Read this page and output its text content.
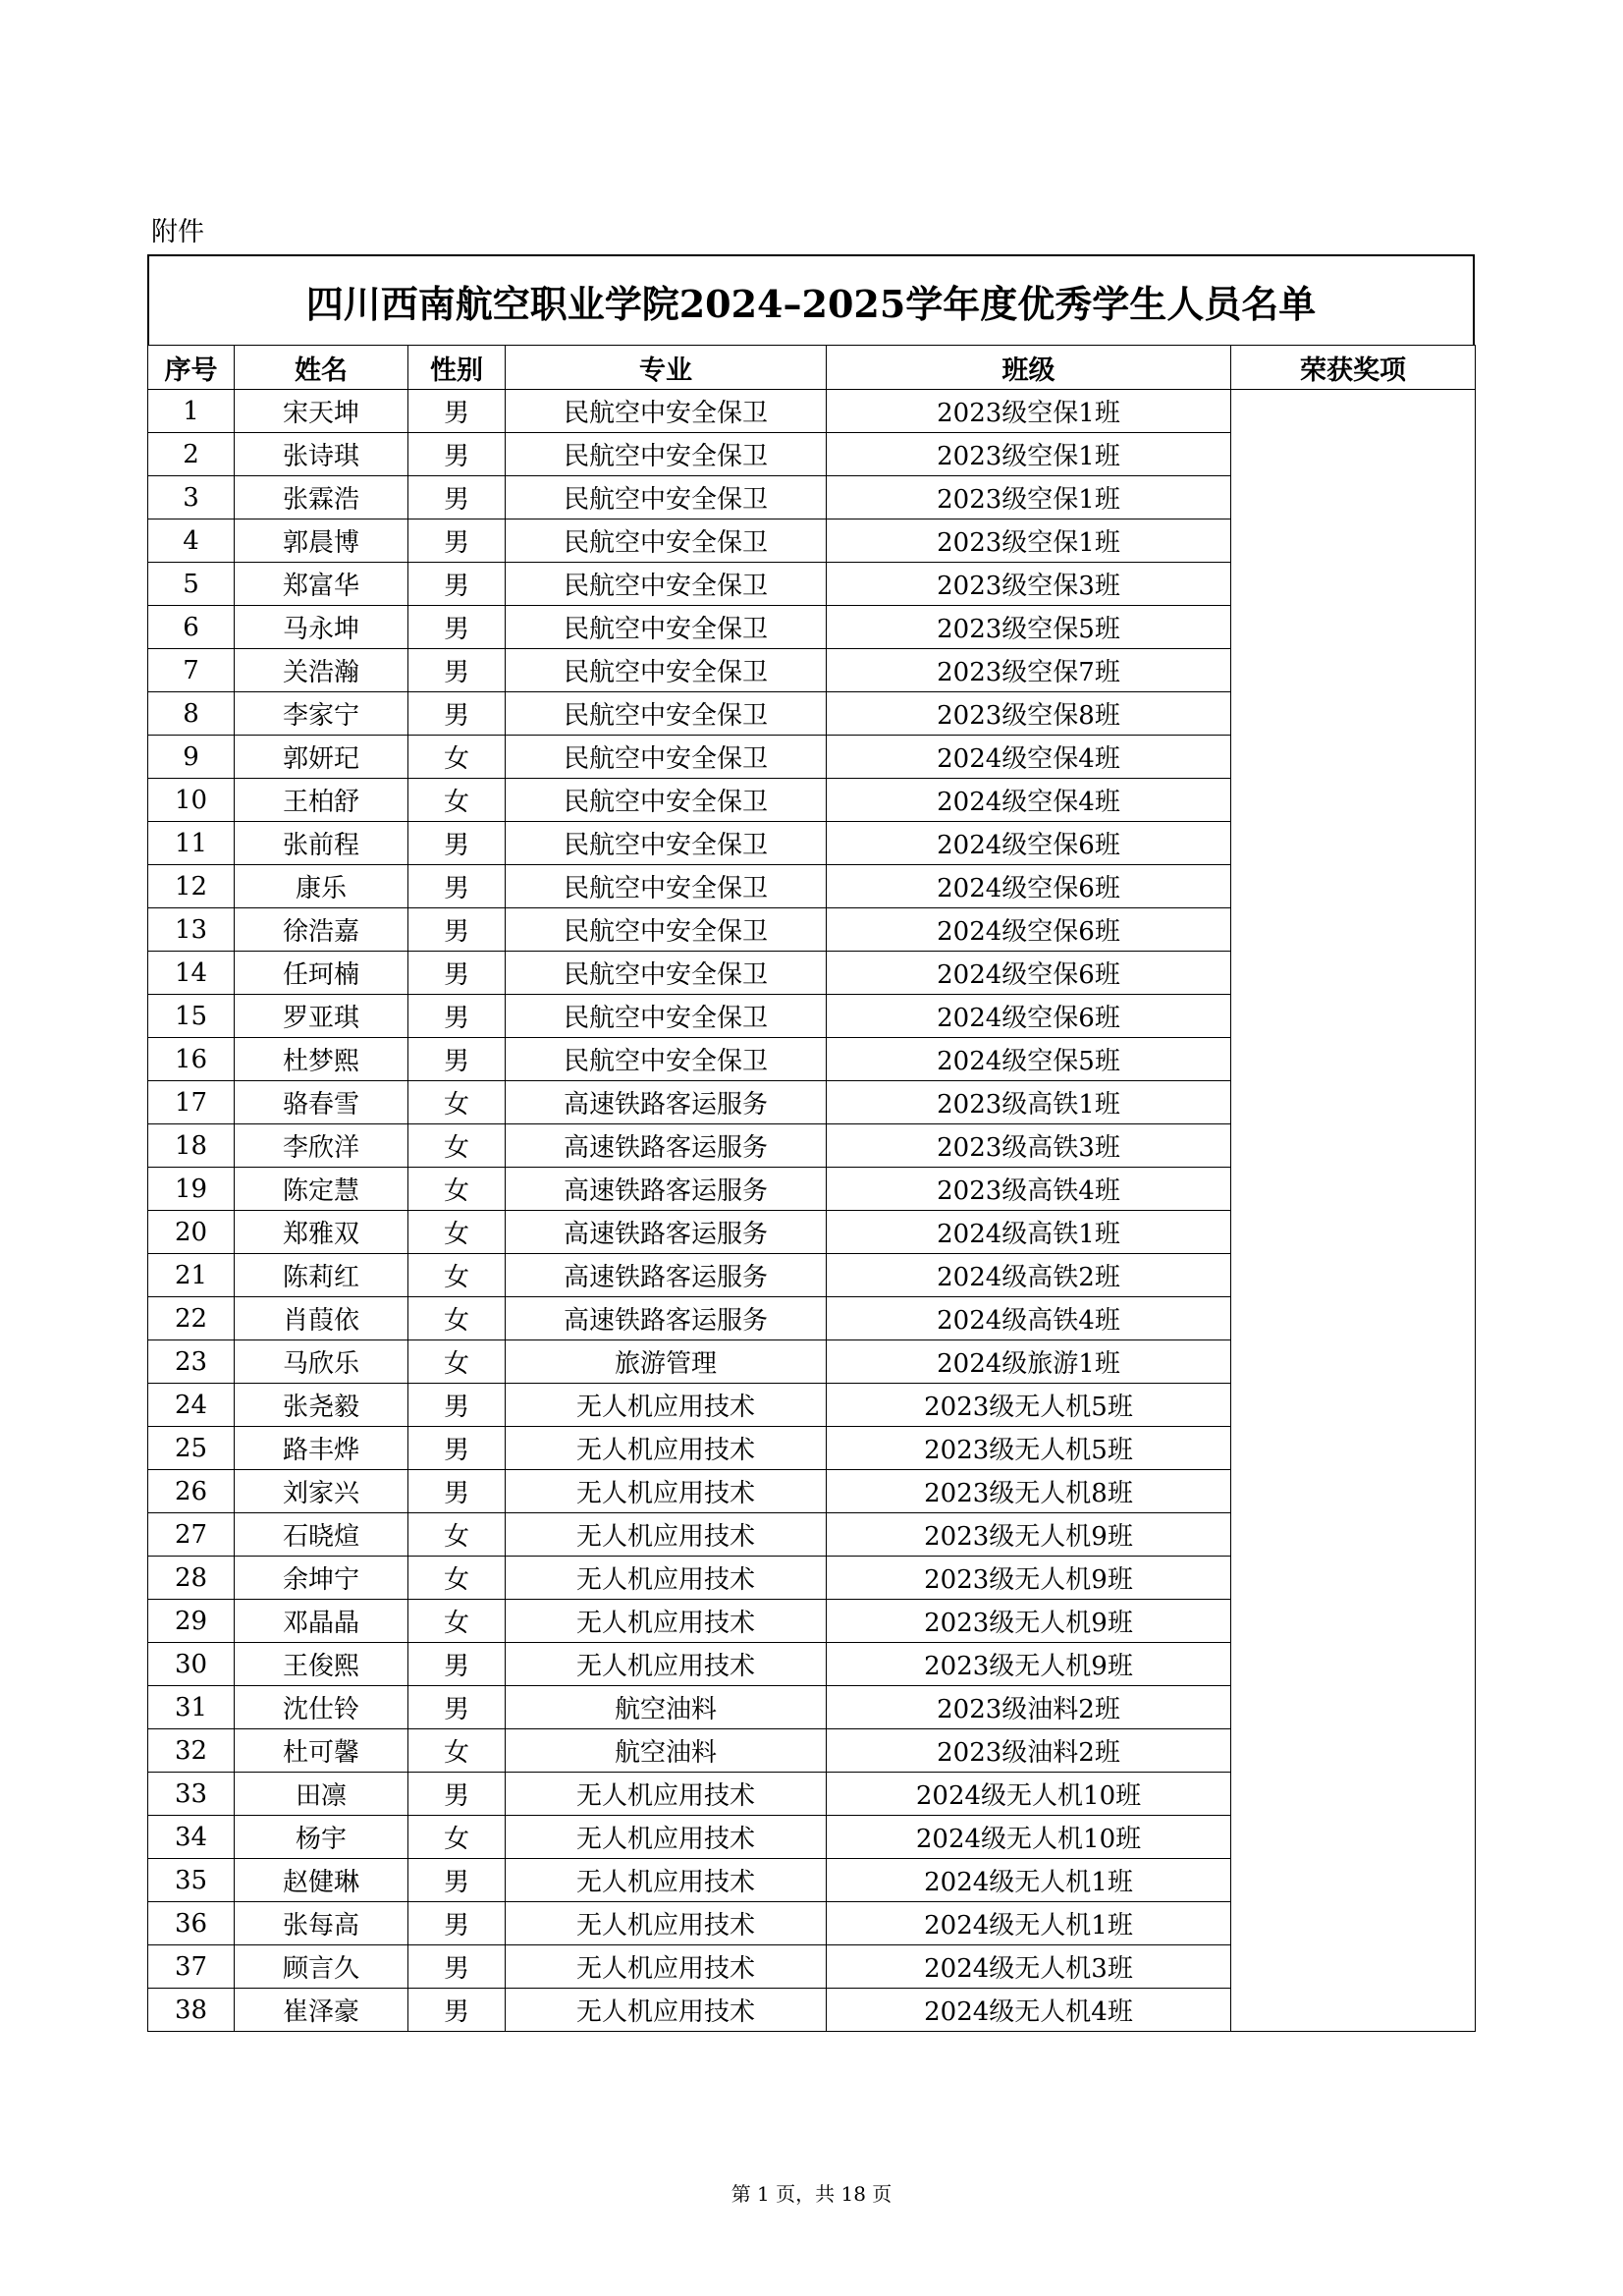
附件
四川西南航空职业学院2024–2025学年度优秀学生人员名单
序号	姓名	性别	专业	班级	荣获奖项
1	宋天坤	男	民航空中安全保卫	2023级空保1班	
2	张诗琪	男	民航空中安全保卫	2023级空保1班	
3	张霖浩	男	民航空中安全保卫	2023级空保1班	
4	郭晨博	男	民航空中安全保卫	2023级空保1班	
5	郑富华	男	民航空中安全保卫	2023级空保3班	
6	马永坤	男	民航空中安全保卫	2023级空保5班	
7	关浩瀚	男	民航空中安全保卫	2023级空保7班	
8	李家宁	男	民航空中安全保卫	2023级空保8班	
9	郭妍玘	女	民航空中安全保卫	2024级空保4班	
10	王柏舒	女	民航空中安全保卫	2024级空保4班	
11	张前程	男	民航空中安全保卫	2024级空保6班	
12	康乐	男	民航空中安全保卫	2024级空保6班	
13	徐浩嘉	男	民航空中安全保卫	2024级空保6班	
14	任珂楠	男	民航空中安全保卫	2024级空保6班	
15	罗亚琪	男	民航空中安全保卫	2024级空保6班	
16	杜梦熙	男	民航空中安全保卫	2024级空保5班	
17	骆春雪	女	高速铁路客运服务	2023级高铁1班	
18	李欣洋	女	高速铁路客运服务	2023级高铁3班	
19	陈定慧	女	高速铁路客运服务	2023级高铁4班	
20	郑雅双	女	高速铁路客运服务	2024级高铁1班	
21	陈莉红	女	高速铁路客运服务	2024级高铁2班	
22	肖葭依	女	高速铁路客运服务	2024级高铁4班	
23	马欣乐	女	旅游管理	2024级旅游1班	
24	张尧毅	男	无人机应用技术	2023级无人机5班	
25	路丰烨	男	无人机应用技术	2023级无人机5班	
26	刘家兴	男	无人机应用技术	2023级无人机8班	
27	石晓煊	女	无人机应用技术	2023级无人机9班	
28	余坤宁	女	无人机应用技术	2023级无人机9班	
29	邓晶晶	女	无人机应用技术	2023级无人机9班	
30	王俊熙	男	无人机应用技术	2023级无人机9班	
31	沈仕铃	男	航空油料	2023级油料2班	
32	杜可馨	女	航空油料	2023级油料2班	
33	田凛	男	无人机应用技术	2024级无人机10班	
34	杨宇	女	无人机应用技术	2024级无人机10班	
35	赵健琳	男	无人机应用技术	2024级无人机1班	
36	张每高	男	无人机应用技术	2024级无人机1班	
37	顾言久	男	无人机应用技术	2024级无人机3班	
38	崔泽豪	男	无人机应用技术	2024级无人机4班	
第 1 页，共 18 页
